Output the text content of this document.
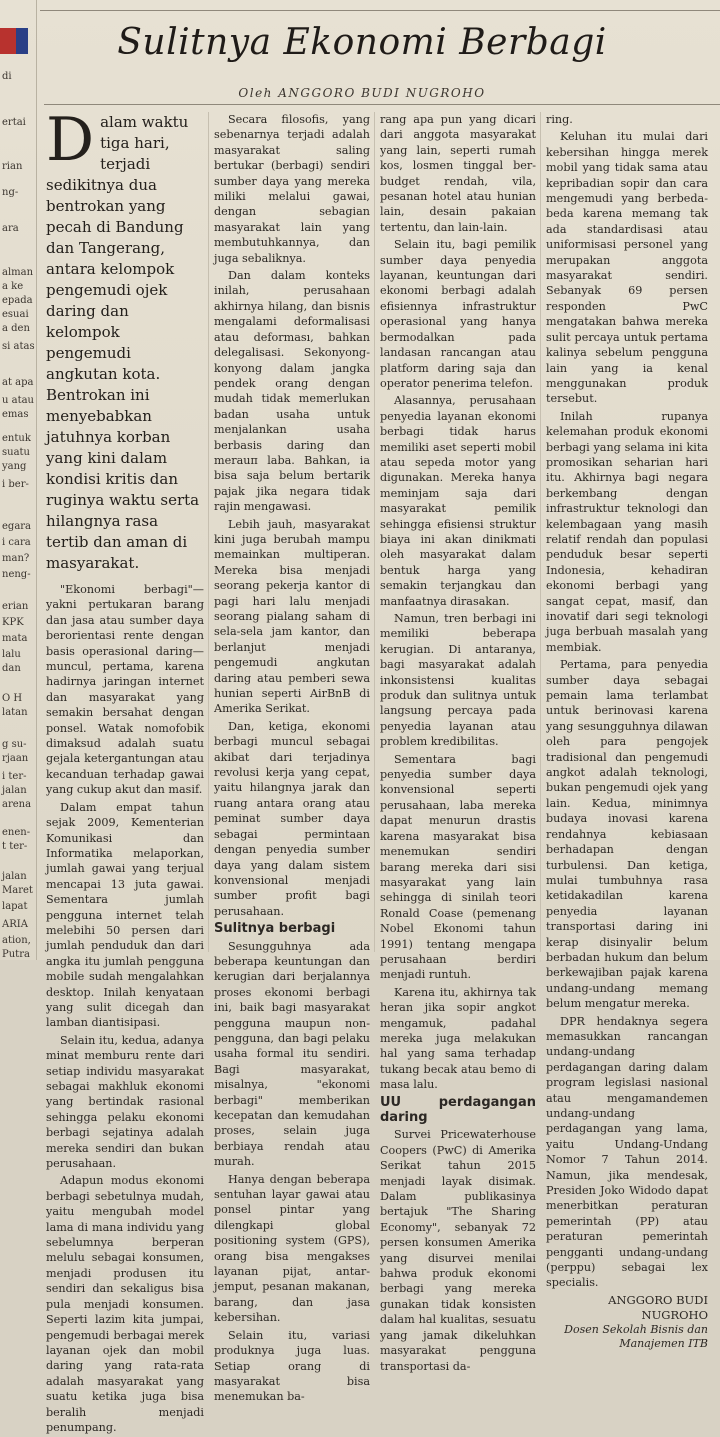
di
ertai
rian
ng-
ara
alman
a ke
epada
esuai
a den
si atas
at apa
u atau
emas
entuk
suatu
yang
i ber-
egara
i cara
man?
neng-
erian
KPK
mata
lalu
dan
O H
latan
g su-
rjaan
i ter-
jalan
arena
enen-
t ter-
jalan
Maret
lapat
ARIA
ation,
Putra
Sulitnya Ekonomi Berbagi
Oleh ANGGORO BUDI NUGROHO
Dalam waktu tiga hari, terjadi sedikitnya dua bentrokan yang pecah di Bandung dan Tangerang, antara kelompok pengemudi ojek daring dan kelompok pengemudi angkutan kota. Bentrokan ini menyebabkan jatuhnya korban yang kini dalam kondisi kritis dan ruginya waktu serta hilangnya rasa tertib dan aman di masyarakat.

"Ekonomi berbagi"—yakni pertukaran barang dan jasa atau sumber daya berorientasi rente dengan basis operasional daring—muncul, pertama, karena hadirnya jaringan internet dan masyarakat yang semakin bersahat dengan ponsel. Watak nomofobik dimaksud adalah suatu gejala ketergantungan atau kecanduan terhadap gawai yang cukup akut dan masif.

Dalam empat tahun sejak 2009, Kementerian Komunikasi dan Informatika melaporkan, jumlah gawai yang terjual mencapai 13 juta gawai. Sementara jumlah pengguna internet telah melebihi 50 persen dari jumlah penduduk dan dari angka itu jumlah pengguna mobile sudah mengalahkan desktop. Inilah kenyataan yang sulit dicegah dan lamban diantisipasi.

Selain itu, kedua, adanya minat memburu rente dari setiap individu masyarakat sebagai makhluk ekonomi yang bertindak rasional sehingga pelaku ekonomi berbagi sejatinya adalah mereka sendiri dan bukan perusahaan.

Adapun modus ekonomi berbagi sebetulnya mudah, yaitu mengubah model lama di mana individu yang sebelumnya berperan melulu sebagai konsumen, menjadi produsen itu sendiri dan sekaligus bisa pula menjadi konsumen. Seperti lazim kita jumpai, pengemudi berbagai merek layanan ojek dan mobil daring yang rata-rata adalah masyarakat yang suatu ketika juga bisa beralih menjadi penumpang.

Secara filosofis, yang sebenarnya terjadi adalah masyarakat saling bertukar (berbagi) sendiri sumber daya yang mereka miliki melalui gawai, dengan sebagian masyarakat lain yang membutuhkannya, dan juga sebaliknya.

Dan dalam konteks inilah, perusahaan akhirnya hilang, dan bisnis mengalami deformalisasi atau deforması, bahkan delegalisasi. Sekonyong-konyong dalam jangka pendek orang dengan mudah tidak memerlukan badan usaha untuk menjalankan usaha berbasis daring dan merauп laba. Bahkan, ia bisa saja belum bertarik pajak jika negara tidak rajin mengawasi.

Lebih jauh, masyarakat kini juga berubah mampu memainkan multiperan. Mereka bisa menjadi seorang pekerja kantor di pagi hari lalu menjadi seorang pialang saham di sela-sela jam kantor, dan berlanjut menjadi pengemudi angkutan daring atau pemberi sewa hunian seperti AirBnB di Amerika Serikat.

Dan, ketiga, ekonomi berbagi muncul sebagai akibat dari terjadinya revolusi kerja yang cepat, yaitu hilangnya jarak dan ruang antara orang atau peminat sumber daya sebagai permintaan dengan penyedia sumber daya yang dalam sistem konvensional menjadi sumber profit bagi perusahaan.

Sulitnya berbagi

Sesungguhnya ada beberapa keuntungan dan kerugian dari berjalannya proses ekonomi berbagi ini, baik bagi masyarakat pengguna maupun non-pengguna, dan bagi pelaku usaha formal itu sendiri. Bagi masyarakat, misalnya, "ekonomi berbagi" memberikan kecepatan dan kemudahan proses, selain juga berbiaya rendah atau murah.

Hanya dengan beberapa sentuhan layar gawai atau ponsel pintar yang dilengkapi global positioning system (GPS), orang bisa mengakses layanan pijat, antar-jemput, pesanan makanan, barang, dan jasa kebersihan.

Selain itu, variasi produknya juga luas. Setiap orang di masyarakat bisa menemukan ba-

rang apa pun yang dicari dari anggota masyarakat yang lain, seperti rumah kos, losmen tinggal ber-budget rendah, vila, pesanan hotel atau hunian lain, desain pakaian tertentu, dan lain-lain.

Selain itu, bagi pemilik sumber daya penyedia layanan, keuntungan dari ekonomi berbagi adalah efisiennya infrastruktur operasional yang hanya bermodalkan pada landasan rancangan atau platform daring saja dan operator penerima telefon.

Alasannya, perusahaan penyedia layanan ekonomi berbagi tidak harus memiliki aset seperti mobil atau sepeda motor yang digunakan. Mereka hanya meminjam saja dari masyarakat pemilik sehingga efisiensi struktur biaya ini akan dinikmati oleh masyarakat dalam bentuk harga yang semakin terjangkau dan manfaatnya dirasakan.

Namun, tren berbagi ini memiliki beberapa kerugian. Di antaranya, bagi masyarakat adalah inkonsistensi kualitas produk dan sulitnya untuk langsung percaya pada penyedia layanan atau problem kredibilitas.

Sementara bagi penyedia sumber daya konvensional seperti perusahaan, laba mereka dapat menurun drastis karena masyarakat bisa menemukan sendiri barang mereka dari sisi masyarakat yang lain sehingga di sinilah teori Ronald Coase (pemenang Nobel Ekonomi tahun 1991) tentang mengapa perusahaan berdiri menjadi runtuh.

Karena itu, akhirnya tak heran jika sopir angkot mengamuk, padahal mereka juga melakukan hal yang sama terhadap tukang becak atau bemo di masa lalu.

UU perdagangan daring

Survei Pricewaterhouse Coopers (PwC) di Amerika Serikat tahun 2015 menjadi layak disimak. Dalam publikasinya bertajuk "The Sharing Economy", sebanyak 72 persen konsumen Amerika yang disurvei menilai bahwa produk ekonomi berbagi yang mereka gunakan tidak konsisten dalam hal kualitas, sesuatu yang jamak dikeluhkan masyarakat pengguna transportasi da-

ring.

Keluhan itu mulai dari kebersihan hingga merek mobil yang tidak sama atau kepribadian sopir dan cara mengemudi yang berbeda-beda karena memang tak ada standardisasi atau uniformisasi personel yang merupakan anggota masyarakat sendiri. Sebanyak 69 persen responden PwC mengatakan bahwa mereka sulit percaya untuk pertama kalinya sebelum pengguna lain yang ia kenal menggunakan produk tersebut.

Inilah rupanya kelemahan produk ekonomi berbagi yang selama ini kita promosikan seharian hari itu. Akhirnya bagi negara berkembang dengan infrastruktur teknologi dan kelembagaan yang masih relatif rendah dan populasi penduduk besar seperti Indonesia, kehadiran ekonomi berbagi yang sangat cepat, masif, dan inovatif dari segi teknologi juga berbuah masalah yang membiak.

Pertama, para penyedia sumber daya sebagai pemain lama terlambat untuk berinovasi karena yang sesungguhnya dilawan oleh para pengojek tradisional dan pengemudi angkot adalah teknologi, bukan pengemudi ojek yang lain. Kedua, minimnya budaya inovasi karena rendahnya kebiasaan berhadapan dengan turbulensi. Dan ketiga, mulai tumbuhnya rasa ketidakadilan karena penyedia layanan transportasi daring ini kerap disinyalir belum berbadan hukum dan belum berkewajiban pajak karena undang-undang memang belum mengatur mereka.

DPR hendaknya segera memasukkan rancangan undang-undang perdagangan daring dalam program legislasi nasional atau mengamandemen undang-undang perdagangan yang lama, yaitu Undang-Undang Nomor 7 Tahun 2014. Namun, jika mendesak, Presiden Joko Widodo dapat menerbitkan peraturan pemerintah (PP) atau peraturan pemerintah pengganti undang-undang (perppu) sebagai lex specialis.

ANGGORO BUDI
NUGROHO
Dosen Sekolah Bisnis dan
Manajemen ITB
